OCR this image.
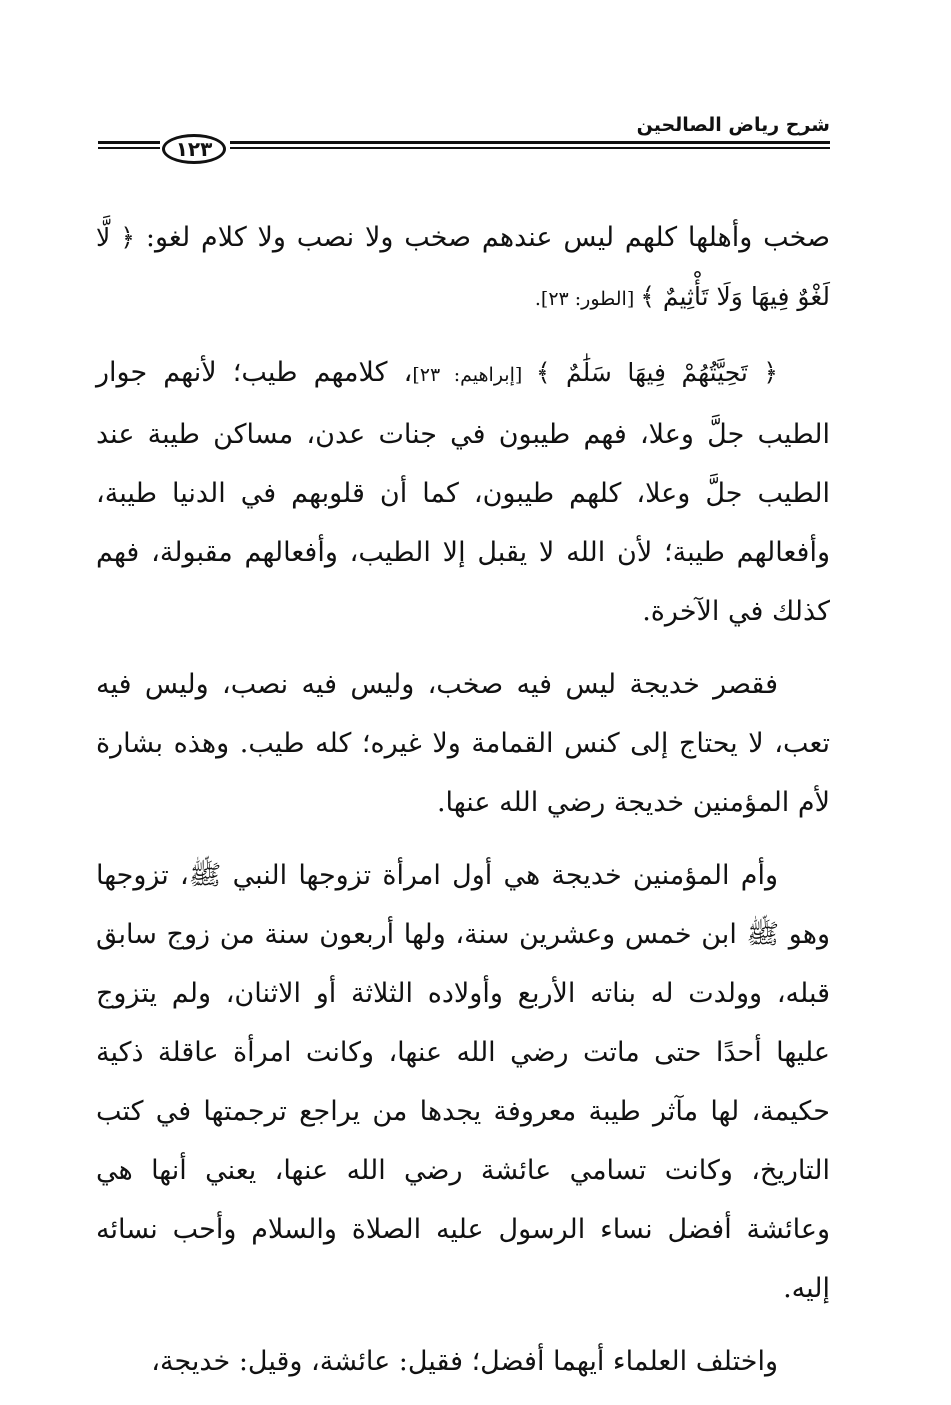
شرح رياض الصالحين
١٢٣

صخب وأهلها كلهم ليس عندهم صخب ولا نصب ولا كلام لغو: ﴿ لَّا لَغْوٌ فِيهَا وَلَا تَأْثِيمٌ ﴾ [الطور: ٢٣].

﴿ تَحِيَّتُهُمْ فِيهَا سَلَٰمٌ ﴾ [إبراهيم: ٢٣]، كلامهم طيب؛ لأنهم جوار الطيب جلَّ وعلا، فهم طيبون في جنات عدن، مساكن طيبة عند الطيب جلَّ وعلا، كلهم طيبون، كما أن قلوبهم في الدنيا طيبة، وأفعالهم طيبة؛ لأن الله لا يقبل إلا الطيب، وأفعالهم مقبولة، فهم كذلك في الآخرة.

فقصر خديجة ليس فيه صخب، وليس فيه نصب، وليس فيه تعب، لا يحتاج إلى كنس القمامة ولا غيره؛ كله طيب. وهذه بشارة لأم المؤمنين خديجة رضي الله عنها.

وأم المؤمنين خديجة هي أول امرأة تزوجها النبي ﷺ، تزوجها وهو ﷺ ابن خمس وعشرين سنة، ولها أربعون سنة من زوج سابق قبله، وولدت له بناته الأربع وأولاده الثلاثة أو الاثنان، ولم يتزوج عليها أحدًا حتى ماتت رضي الله عنها، وكانت امرأة عاقلة ذكية حكيمة، لها مآثر طيبة معروفة يجدها من يراجع ترجمتها في كتب التاريخ، وكانت تسامي عائشة رضي الله عنها، يعني أنها هي وعائشة أفضل نساء الرسول عليه الصلاة والسلام وأحب نسائه إليه.

واختلف العلماء أيهما أفضل؛ فقيل: عائشة، وقيل: خديجة،
